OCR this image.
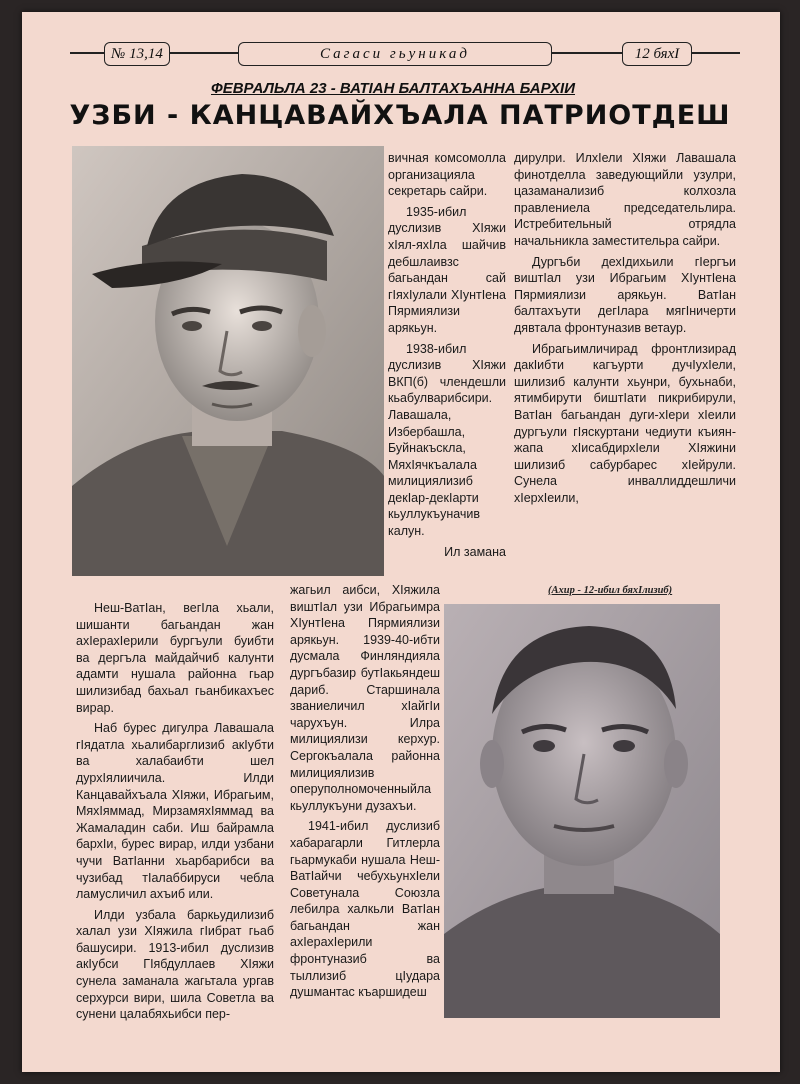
№ 13,14	Сагаси гьуникад	12 бяхI
ФЕВРАЛЬЛА 23 - ВАТIАН БАЛТАХЪАННА БАРХIИ
УЗБИ - КАНЦАВАЙХЪАЛА ПАТРИОТДЕШ

вичная комсомолла организацияла секретарь сайри.

1935-ибил дуслизив ХIяжи хIял-яхIла шайчив дебшлаивзс багьандан сай гIяхIулали ХIунтIена Пярмиялизи арякьун.

1938-ибил дуслизив ХIяжи ВКП(б) члендешли кьабулварибсири. Лавашала, Избербашла, Буйнакъскла, МяхIячкъалала милициялизиб декIар-декIарти кьуллукъуначив калун.

Ил замана

дирулри. ИлхIели ХIяжи Лавашала финотделла заведующийли узулри, цазаманализиб колхозла правлениела председательлира. Истребительный отрядла начальникла заместительра сайри.

Дургъби дехIдихьили гIергъи виштIал узи Ибрагьим ХIунтIена Пярмиялизи арякьун. ВатIан балтахъути дегIлара мягIничерти дявтала фронтуназив ветаур.

Ибрагьимличирад фронтлизирад дакIибти кагъурти дучIухIели, шилизиб калунти хьунри, бухьнаби, ятимбирути биштIати пикрибирули, ВатIан багьандан дуги-хIери хIеили дургъули гIяскуртани чедиути къиян-жапа хIисабдирхIели ХIяжини шилизиб сабурбарес хIейрули. Сунела инваллиддешличи хIерхIеили,

(Ахир - 12-ибил бяхIлизиб)

Неш-ВатIан, вегIла хьали, шишанти багьандан жан ахIерахIерили бургъули буибти ва дергъла майдайчиб калунти адамти нушала районна гьар шилизибад бахьал гьанбикахъес вирар.

Наб бурес дигулра Лавашала гIядатла хьалибарглизиб акIубти ва халабаибти шел дурхIялиичила. Илди Канцавайхъала ХIяжи, Ибрагьим, МяхIяммад, МирзамяхIяммад ва Жамаладин саби. Иш байрамла бархIи, бурес вирар, илди узбани чучи ВатIанни хьарбарибси ва чузибад тIалаббируси чебла ламусличил ахъиб или.

Илди узбала баркьудилизиб халал узи ХIяжила гIибрат гьаб башусири. 1913-ибил дуслизив акIубси ГIябдуллаев ХIяжи сунела заманала жагьтала ургав серхурси вири, шила Советла ва сунени цалабяхьибси пер-

жагьил аибси, ХIяжила виштIал узи Ибрагьимра ХIунтIена Пярмиялизи арякьун. 1939-40-ибти дусмала Финляндияла дургъбазир бутIакьяндеш дариб. Старшинала званиеличил хIайгIи чарухъун. Илра милициялизи керхур. Сергокъалала районна милициялизив оперуполномоченныйла кьуллукъуни дузахъи.

1941-ибил дуслизиб хабарагарли Гитлерла гьармукаби нушала Неш-ВатIайчи чебухьунхIели Советунала Союзла лебилра халкьли ВатIан багьандан жан ахIерахIерили фронтуназиб ва тыллизиб цIудара душмантас къаршидеш
